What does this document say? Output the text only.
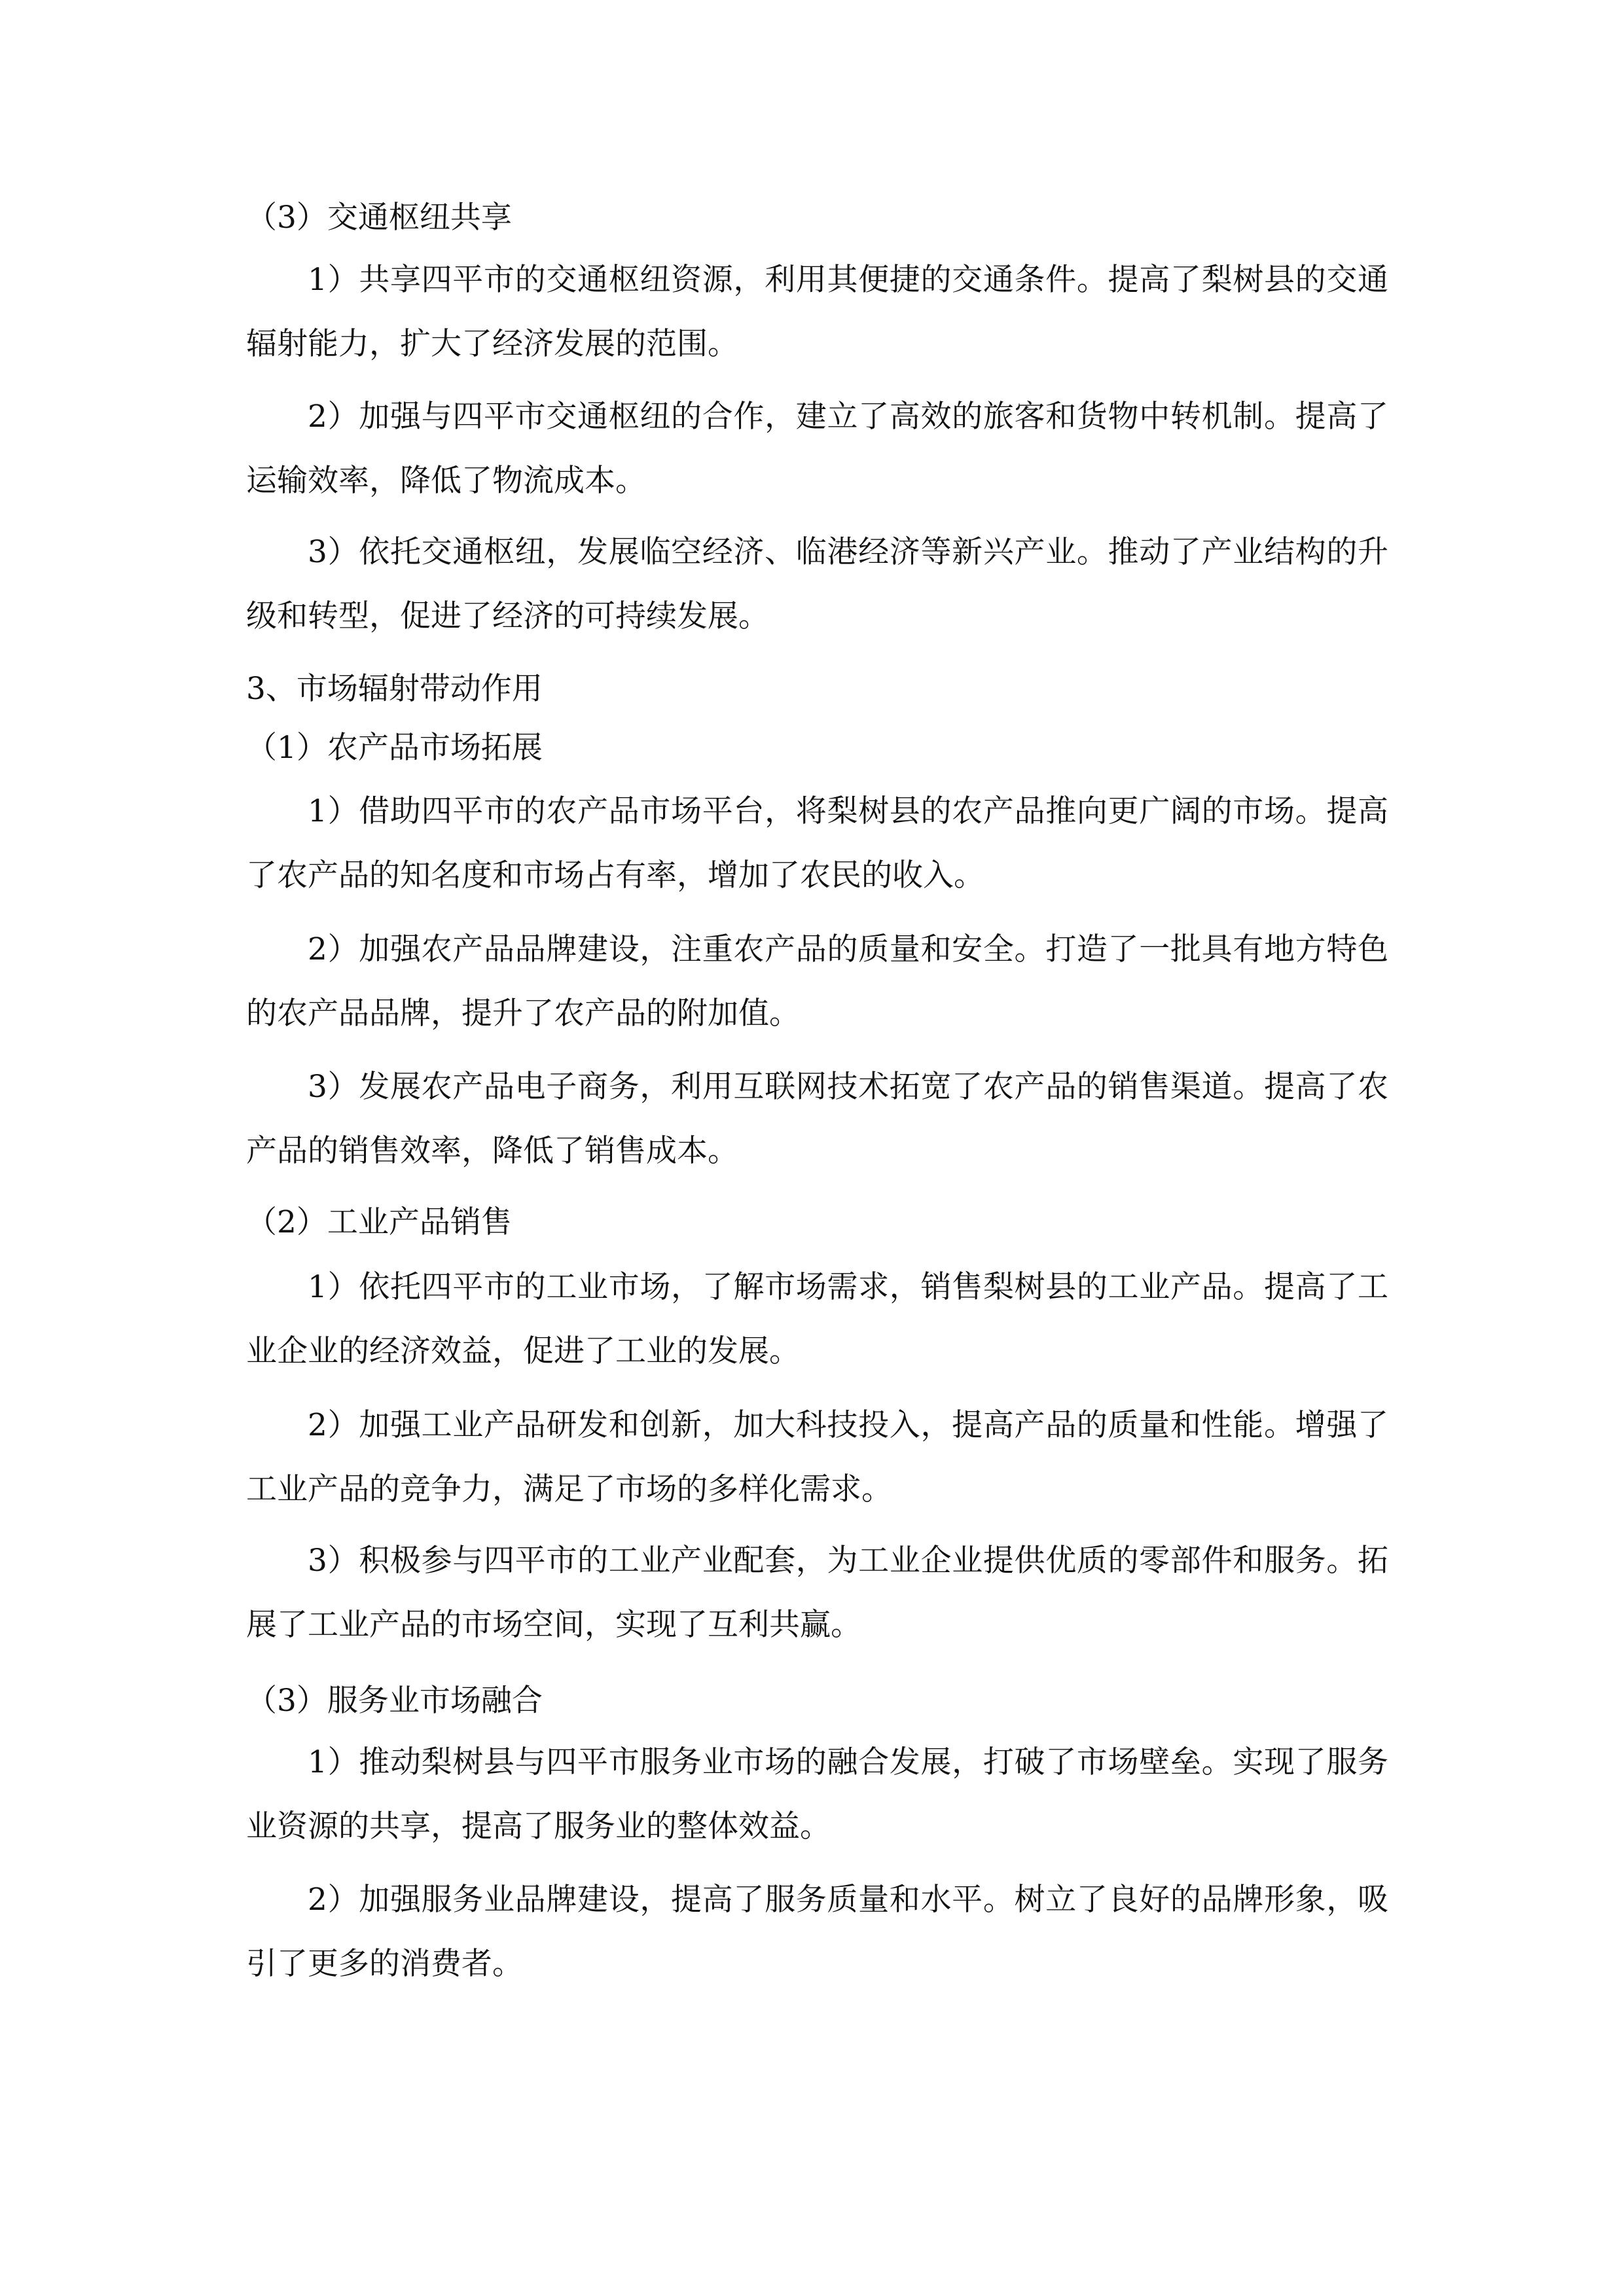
（3）交通枢纽共享

1）共享四平市的交通枢纽资源，利用其便捷的交通条件。提高了梨树县的交通辐射能力，扩大了经济发展的范围。

2）加强与四平市交通枢纽的合作，建立了高效的旅客和货物中转机制。提高了运输效率，降低了物流成本。

3）依托交通枢纽，发展临空经济、临港经济等新兴产业。推动了产业结构的升级和转型，促进了经济的可持续发展。

3、市场辐射带动作用

（1）农产品市场拓展

1）借助四平市的农产品市场平台，将梨树县的农产品推向更广阔的市场。提高了农产品的知名度和市场占有率，增加了农民的收入。

2）加强农产品品牌建设，注重农产品的质量和安全。打造了一批具有地方特色的农产品品牌，提升了农产品的附加值。

3）发展农产品电子商务，利用互联网技术拓宽了农产品的销售渠道。提高了农产品的销售效率，降低了销售成本。

（2）工业产品销售

1）依托四平市的工业市场，了解市场需求，销售梨树县的工业产品。提高了工业企业的经济效益，促进了工业的发展。

2）加强工业产品研发和创新，加大科技投入，提高产品的质量和性能。增强了工业产品的竞争力，满足了市场的多样化需求。

3）积极参与四平市的工业产业配套，为工业企业提供优质的零部件和服务。拓展了工业产品的市场空间，实现了互利共赢。

（3）服务业市场融合

1）推动梨树县与四平市服务业市场的融合发展，打破了市场壁垒。实现了服务业资源的共享，提高了服务业的整体效益。

2）加强服务业品牌建设，提高了服务质量和水平。树立了良好的品牌形象，吸引了更多的消费者。
